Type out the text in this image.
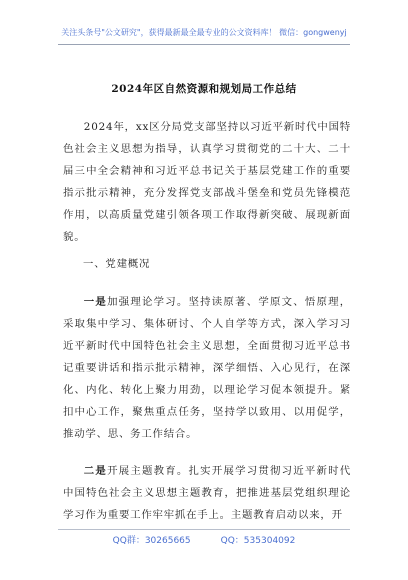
关注头条号"公文研究"，获得最新最全最专业的公文资料库！ 微信：gongwenyj
2024年区自然资源和规划局工作总结

2024年，xx区分局党支部坚持以习近平新时代中国特色社会主义思想为指导，认真学习贯彻党的二十大、二十届三中全会精神和习近平总书记关于基层党建工作的重要指示批示精神，充分发挥党支部战斗堡垒和党员先锋模范作用，以高质量党建引领各项工作取得新突破、展现新面貌。

一、党建概况

一是加强理论学习。坚持读原著、学原文、悟原理，采取集中学习、集体研讨、个人自学等方式，深入学习习近平新时代中国特色社会主义思想，全面贯彻习近平总书记重要讲话和指示批示精神，深学细悟、入心见行，在深化、内化、转化上聚力用劲，以理论学习促本领提升。紧扣中心工作，聚焦重点任务，坚持学以致用、以用促学，推动学、思、务工作结合。

二是开展主题教育。扎实开展学习贯彻习近平新时代中国特色社会主义思想主题教育，把推进基层党组织理论学习作为重要工作牢牢抓在手上。主题教育启动以来，开

QQ群：30265665	QQ：535304092
